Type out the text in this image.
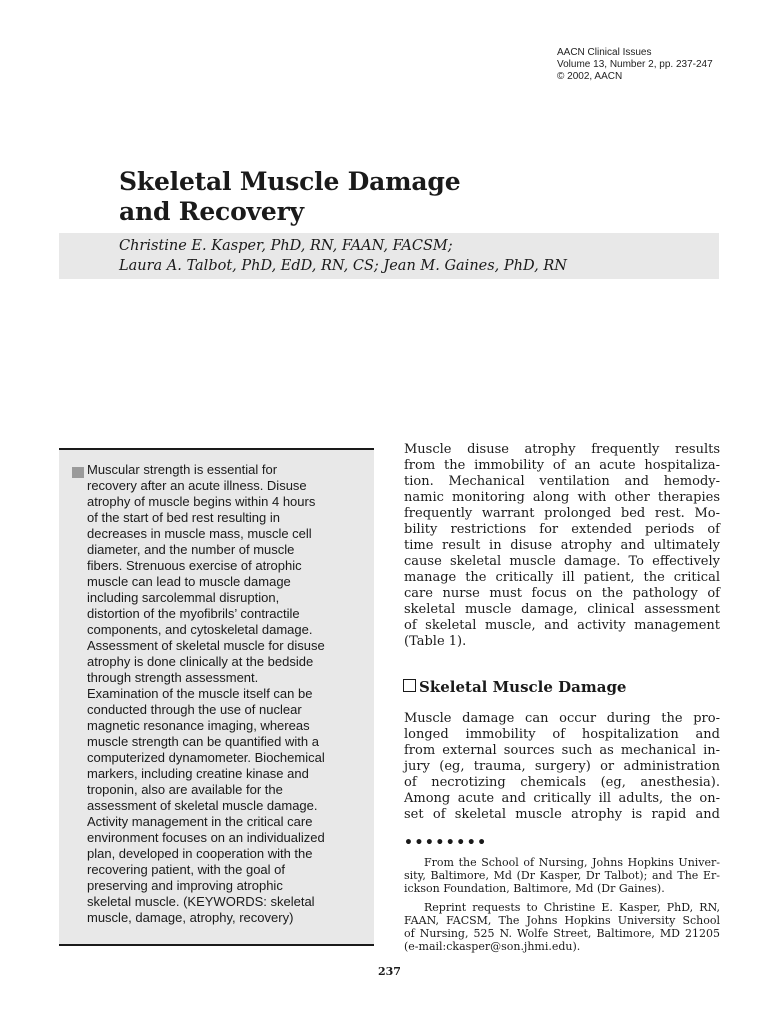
AACN Clinical Issues
Volume 13, Number 2, pp. 237-247
© 2002, AACN
Skeletal Muscle Damage
and Recovery
Christine E. Kasper, PhD, RN, FAAN, FACSM;
Laura A. Talbot, PhD, EdD, RN, CS; Jean M. Gaines, PhD, RN
Muscular strength is essential for
recovery after an acute illness. Disuse
atrophy of muscle begins within 4 hours
of the start of bed rest resulting in
decreases in muscle mass, muscle cell
diameter, and the number of muscle
fibers. Strenuous exercise of atrophic
muscle can lead to muscle damage
including sarcolemmal disruption,
distortion of the myofibrils’ contractile
components, and cytoskeletal damage.
Assessment of skeletal muscle for disuse
atrophy is done clinically at the bedside
through strength assessment.
Examination of the muscle itself can be
conducted through the use of nuclear
magnetic resonance imaging, whereas
muscle strength can be quantified with a
computerized dynamometer. Biochemical
markers, including creatine kinase and
troponin, also are available for the
assessment of skeletal muscle damage.
Activity management in the critical care
environment focuses on an individualized
plan, developed in cooperation with the
recovering patient, with the goal of
preserving and improving atrophic
skeletal muscle. (KEYWORDS: skeletal
muscle, damage, atrophy, recovery)
Muscle disuse atrophy frequently results
from the immobility of an acute hospitaliza-
tion. Mechanical ventilation and hemody-
namic monitoring along with other therapies
frequently warrant prolonged bed rest. Mo-
bility restrictions for extended periods of
time result in disuse atrophy and ultimately
cause skeletal muscle damage. To effectively
manage the critically ill patient, the critical
care nurse must focus on the pathology of
skeletal muscle damage, clinical assessment
of skeletal muscle, and activity management
(Table 1).
Skeletal Muscle Damage
Muscle damage can occur during the pro-
longed immobility of hospitalization and
from external sources such as mechanical in-
jury (eg, trauma, surgery) or administration
of necrotizing chemicals (eg, anesthesia).
Among acute and critically ill adults, the on-
set of skeletal muscle atrophy is rapid and
••••••••
From the School of Nursing, Johns Hopkins Univer-
sity, Baltimore, Md (Dr Kasper, Dr Talbot); and The Er-
ickson Foundation, Baltimore, Md (Dr Gaines).
Reprint requests to Christine E. Kasper, PhD, RN,
FAAN, FACSM, The Johns Hopkins University School
of Nursing, 525 N. Wolfe Street, Baltimore, MD 21205
(e-mail:ckasper@son.jhmi.edu).
237
